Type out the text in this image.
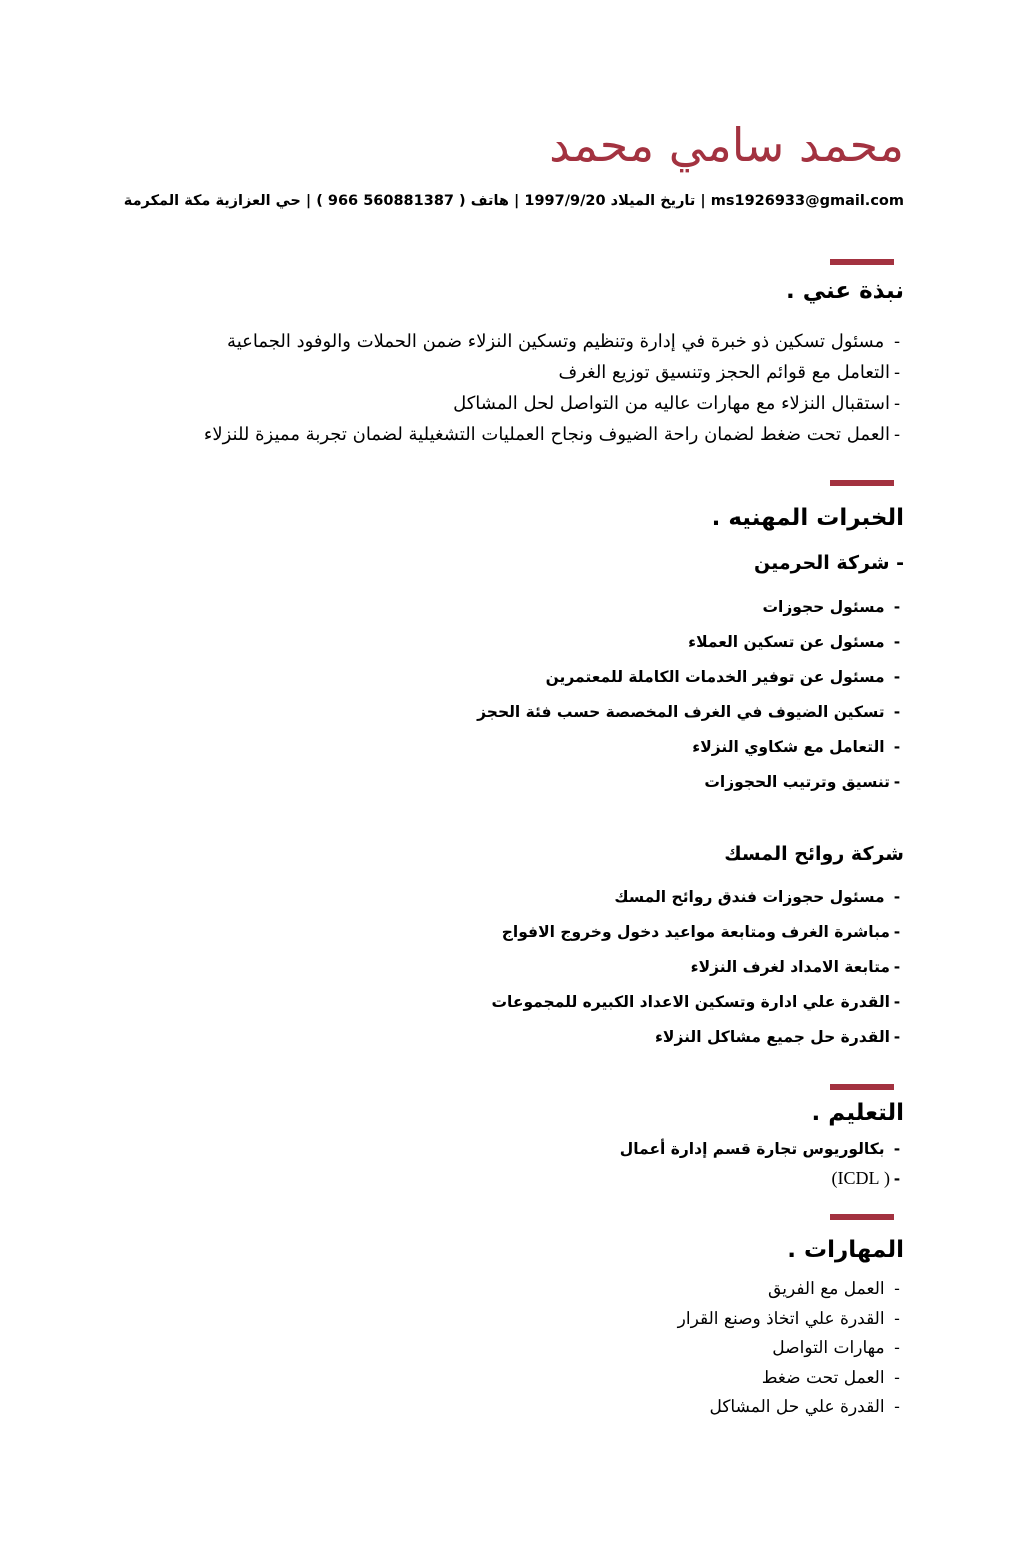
محمد سامي محمد
ms1926933@gmail.com | تاريخ الميلاد 1997/9/20 | هاتف ( 966 560881387 ) | حي العزازية مكة المكرمة
نبذة عني .
- مسئول تسكين ذو خبرة في إدارة وتنظيم وتسكين النزلاء ضمن الحملات والوفود الجماعية
-التعامل مع قوائم الحجز وتنسيق توزيع الغرف
-استقبال النزلاء مع مهارات عاليه من التواصل لحل المشاكل
-العمل تحت ضغط لضمان راحة الضيوف ونجاح العمليات التشغيلية لضمان تجربة مميزة للنزلاء
الخبرات المهنيه .
- شركة الحرمين
- مسئول حجوزات
- مسئول عن تسكين العملاء
- مسئول عن توفير الخدمات الكاملة للمعتمرين
- تسكين الضيوف في الغرف المخصصة حسب فئة الحجز
- التعامل مع شكاوي النزلاء
-تنسيق وترتيب الحجوزات
شركة روائح المسك
- مسئول حجوزات فندق روائح المسك
-مباشرة الغرف ومتابعة مواعيد دخول وخروج الافواج
-متابعة الامداد لغرف النزلاء
-القدرة علي ادارة وتسكين الاعداد الكبيره للمجموعات
-القدرة حل جميع مشاكل النزلاء
التعليم .
- بكالوريوس تجارة قسم إدارة أعمال
-( ICDL)
المهارات .
- العمل مع الفريق
- القدرة علي اتخاذ وصنع القرار
- مهارات التواصل
- العمل تحت ضغط
- القدرة علي حل المشاكل
